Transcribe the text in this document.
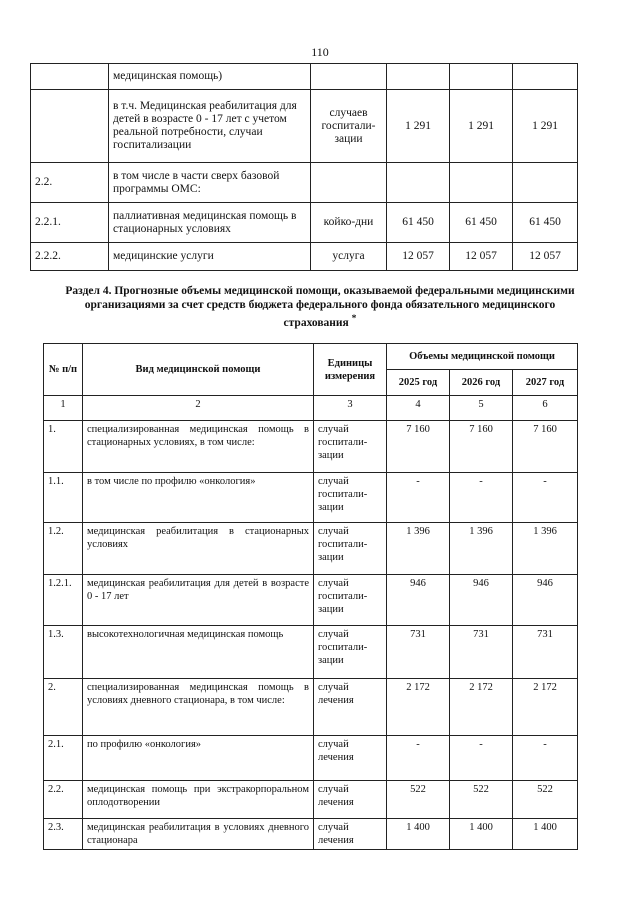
110
	медицинская помощь)				
	в т.ч. Медицинская реабилитация для детей в возрасте 0 - 17 лет с учетом реальной потребности, случаи госпитализации	случаев госпитали-зации	1 291	1 291	1 291
2.2.	в том числе в части сверх базовой программы ОМС:				
2.2.1.	паллиативная медицинская помощь в стационарных условиях	койко-дни	61 450	61 450	61 450
2.2.2.	медицинские услуги	услуга	12 057	12 057	12 057
Раздел 4. Прогнозные объемы медицинской помощи, оказываемой федеральными медицинскими организациями за счет средств бюджета федерального фонда обязательного медицинского страхования *
№ п/п	Вид медицинской помощи	Единицы измерения	Объемы медицинской помощи		
			2025 год	2026 год	2027 год
1	2	3	4	5	6
1.	специализированная медицинская помощь в стационарных условиях, в том числе:	случай госпитали-зации	7 160	7 160	7 160
1.1.	в том числе по профилю «онкология»	случай госпитали-зации	-	-	-
1.2.	медицинская реабилитация в стационарных условиях	случай госпитали-зации	1 396	1 396	1 396
1.2.1.	медицинская реабилитация для детей в возрасте 0 - 17 лет	случай госпитали-зации	946	946	946
1.3.	высокотехнологичная медицинская помощь	случай госпитали-зации	731	731	731
2.	специализированная медицинская помощь в условиях дневного стационара, в том числе:	случай лечения	2 172	2 172	2 172
2.1.	по профилю «онкология»	случай лечения	-	-	-
2.2.	медицинская помощь при экстракорпоральном оплодотворении	случай лечения	522	522	522
2.3.	медицинская реабилитация в условиях дневного стационара	случай лечения	1 400	1 400	1 400
